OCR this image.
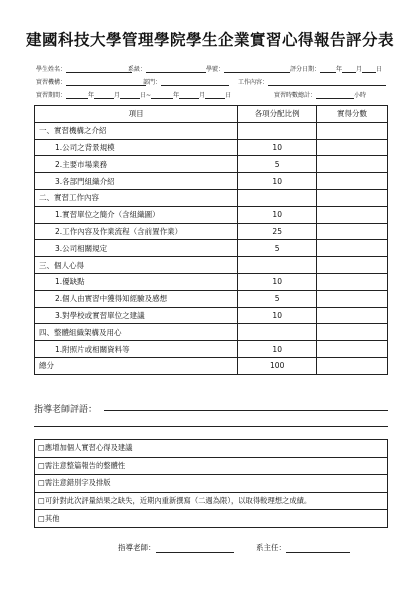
建國科技大學管理學院學生企業實習心得報告評分表
學生姓名：	系級：	學號：	評分日期：	年 月 日
實習機構：	部門：	工作內容：
實習期間：	年	月	日~	年	月	日	實習時數總計：	小時
項目	各項分配比例	實得分數
一、實習機構之介紹		
1.公司之背景規模	10	
2.主要市場業務	5	
3.各部門組織介紹	10	
二、實習工作內容		
1.實習單位之簡介（含組織圖）	10	
2.工作內容及作業流程（含前置作業）	25	
3.公司相關規定	5	
三、個人心得		
1.優缺點	10	
2.個人由實習中獲得知經驗及感想	5	
3.對學校或實習單位之建議	10	
四、整體組織架構及用心		
1.附照片或相關資料等	10	
總分	100	
指導老師評語：
□應增加個人實習心得及建議
□需注意整篇報告的整體性
□需注意錯別字及排版
□可針對此次評量結果之缺失，近期內重新撰寫（二週為限），以取得較理想之成績。
□其他
指導老師：	系主任：
